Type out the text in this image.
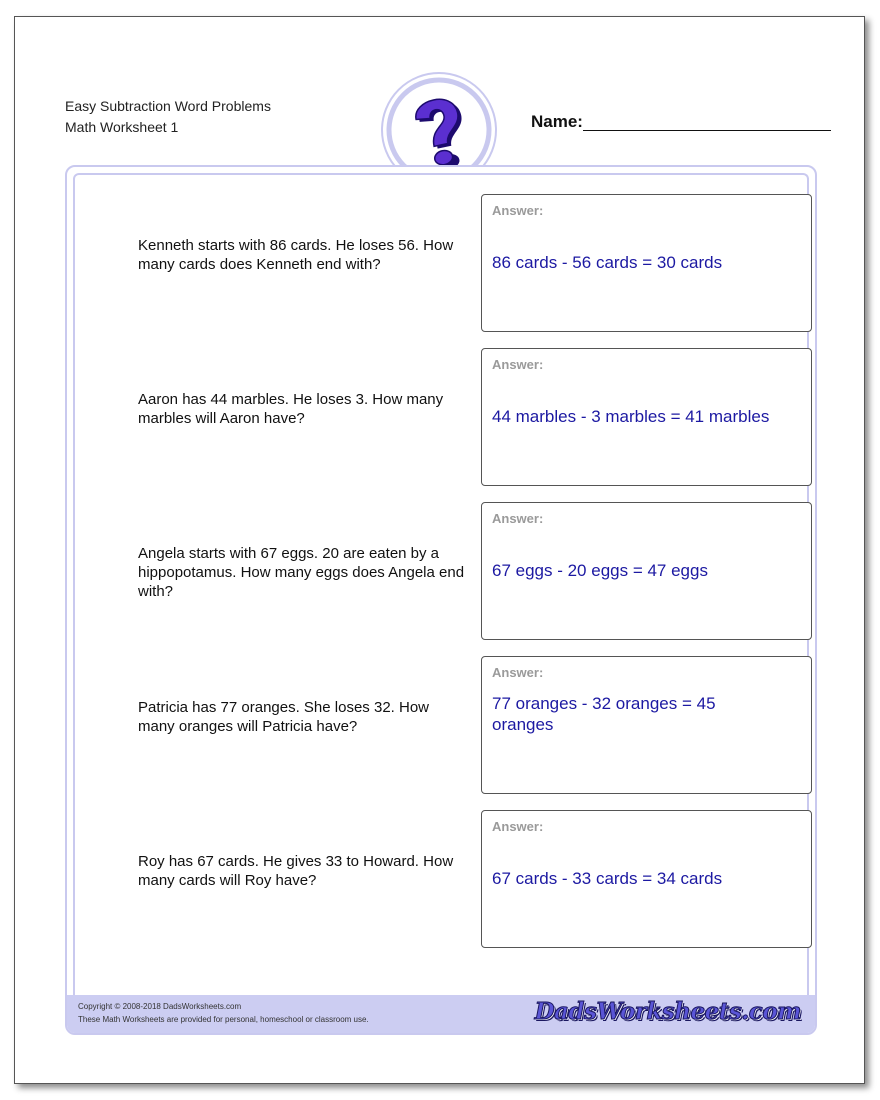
Easy Subtraction Word Problems
Math Worksheet 1	Name:
Kenneth starts with 86 cards. He loses 56. How many cards does Kenneth end with?
Answer:
86 cards - 56 cards = 30 cards
Aaron has 44 marbles. He loses 3. How many marbles will Aaron have?
Answer:
44 marbles - 3 marbles = 41 marbles
Angela starts with 67 eggs. 20 are eaten by a hippopotamus. How many eggs does Angela end with?
Answer:
67 eggs - 20 eggs = 47 eggs
Patricia has 77 oranges. She loses 32. How many oranges will Patricia have?
Answer:
77 oranges - 32 oranges = 45 oranges
Roy has 67 cards. He gives 33 to Howard. How many cards will Roy have?
Answer:
67 cards - 33 cards = 34 cards
Copyright © 2008-2018 DadsWorksheets.com
These Math Worksheets are provided for personal, homeschool or classroom use.	DadsWorksheets.com
